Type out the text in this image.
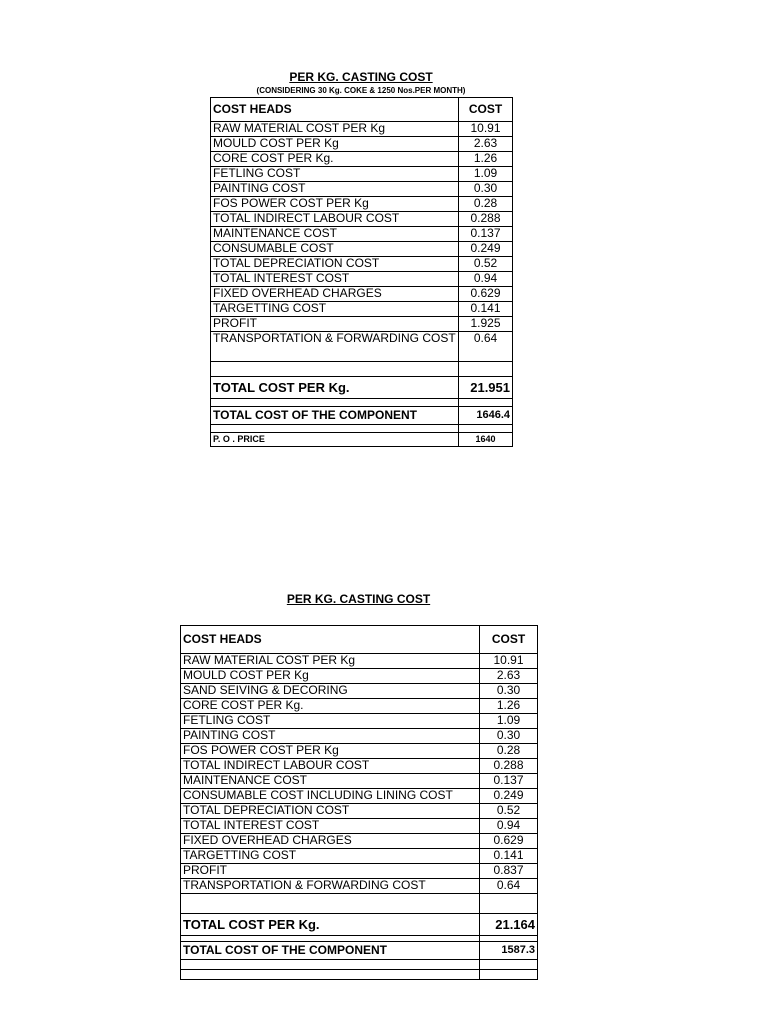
PER KG. CASTING COST
(CONSIDERING 30 Kg. COKE & 1250 Nos.PER MONTH)
COST HEADS	COST
RAW MATERIAL COST PER Kg	10.91
MOULD COST PER Kg	2.63
CORE COST PER Kg.	1.26
FETLING COST	1.09
PAINTING COST	0.30
FOS POWER COST PER Kg	0.28
TOTAL INDIRECT LABOUR COST	0.288
MAINTENANCE COST	0.137
CONSUMABLE COST	0.249
TOTAL DEPRECIATION COST	0.52
TOTAL INTEREST COST	0.94
FIXED OVERHEAD CHARGES	0.629
TARGETTING COST	0.141
PROFIT	1.925
TRANSPORTATION & FORWARDING COST	0.64

TOTAL COST PER Kg.	21.951

TOTAL COST OF THE COMPONENT	1646.4

P. O . PRICE	1640
PER KG. CASTING COST
COST HEADS	COST
RAW MATERIAL COST PER Kg	10.91
MOULD COST PER Kg	2.63
SAND SEIVING & DECORING	0.30
CORE COST PER Kg.	1.26
FETLING COST	1.09
PAINTING COST	0.30
FOS POWER COST PER Kg	0.28
TOTAL INDIRECT LABOUR COST	0.288
MAINTENANCE COST	0.137
CONSUMABLE COST INCLUDING LINING COST	0.249
TOTAL DEPRECIATION COST	0.52
TOTAL INTEREST COST	0.94
FIXED OVERHEAD CHARGES	0.629
TARGETTING COST	0.141
PROFIT	0.837
TRANSPORTATION & FORWARDING COST	0.64

TOTAL COST PER Kg.	21.164

TOTAL COST OF THE COMPONENT	1587.3
